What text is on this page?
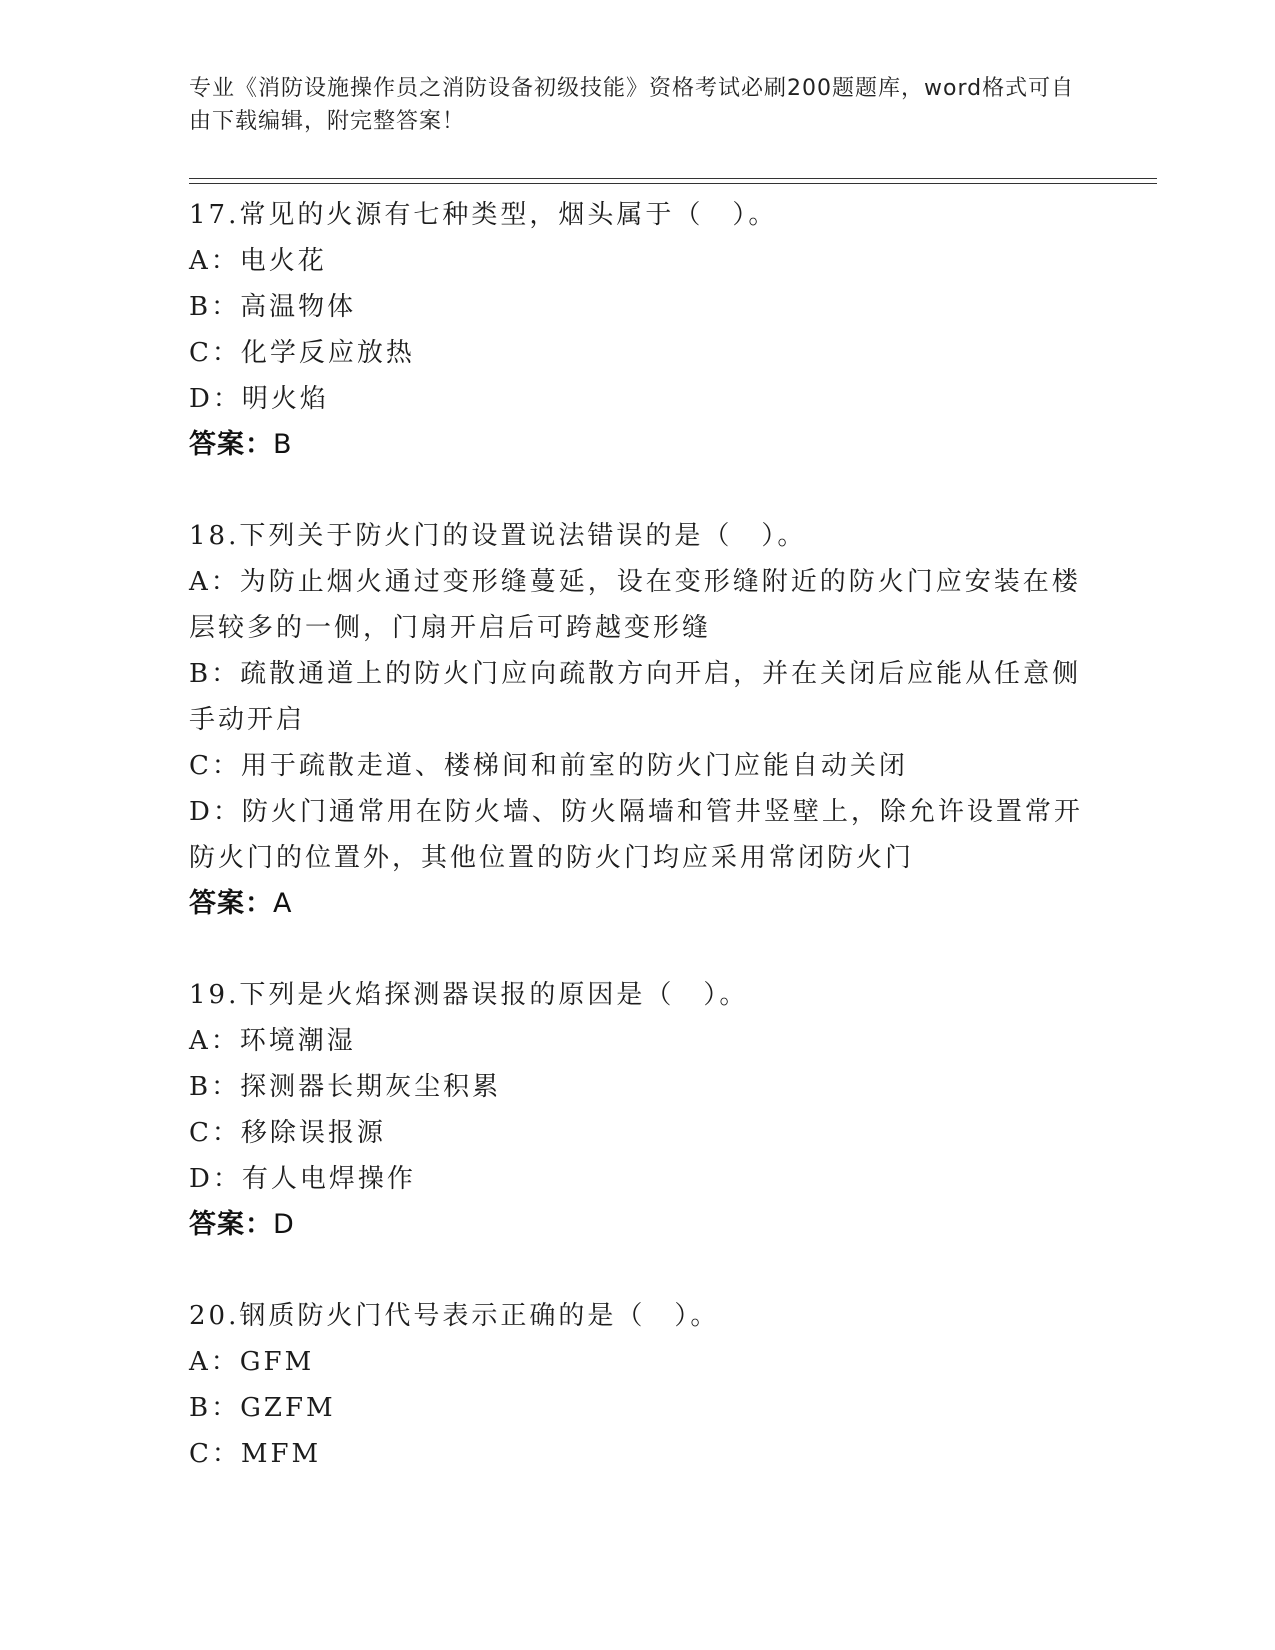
专业《消防设施操作员之消防设备初级技能》资格考试必刷200题题库，word格式可自由下载编辑，附完整答案！
17.常见的火源有七种类型，烟头属于（　）。
A：电火花
B：高温物体
C：化学反应放热
D：明火焰
答案：B
18.下列关于防火门的设置说法错误的是（　）。
A：为防止烟火通过变形缝蔓延，设在变形缝附近的防火门应安装在楼层较多的一侧，门扇开启后可跨越变形缝
B：疏散通道上的防火门应向疏散方向开启，并在关闭后应能从任意侧手动开启
C：用于疏散走道、楼梯间和前室的防火门应能自动关闭
D：防火门通常用在防火墙、防火隔墙和管井竖壁上，除允许设置常开防火门的位置外，其他位置的防火门均应采用常闭防火门
答案：A
19.下列是火焰探测器误报的原因是（　）。
A：环境潮湿
B：探测器长期灰尘积累
C：移除误报源
D：有人电焊操作
答案：D
20.钢质防火门代号表示正确的是（　）。
A：GFM
B：GZFM
C：MFM
